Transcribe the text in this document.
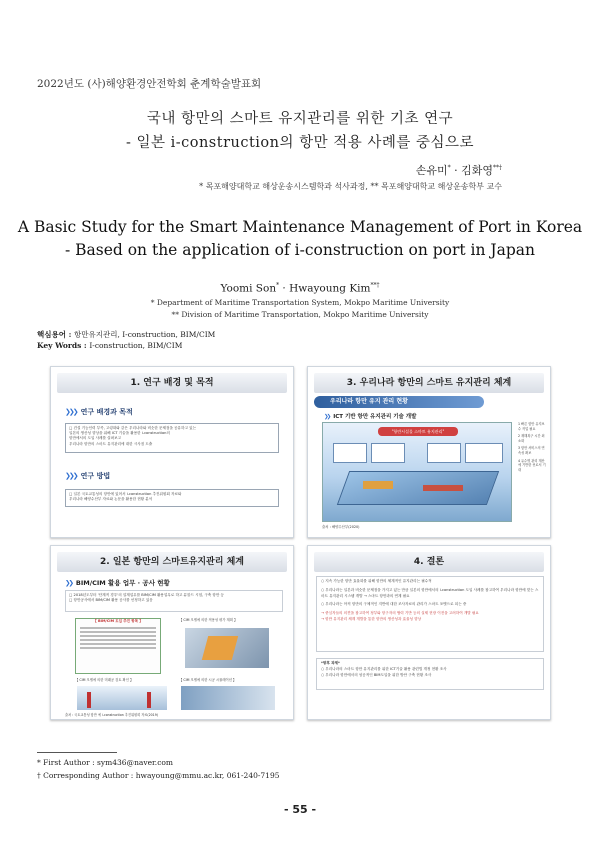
2022년도 (사)해양환경안전학회 춘계학술발표회
국내 항만의 스마트 유지관리를 위한 기초 연구
- 일본 i-construction의 항만 적용 사례를 중심으로
손유미* · 김화영**†
* 목포해양대학교 해상운송시스템학과 석사과정, ** 목포해양대학교 해상운송학부 교수
A Basic Study for the Smart Maintenance Management of Port in Korea
- Based on the application of i-construction on port in Japan
Yoomi Son* · Hwayoung Kim**†
* Department of Maritime Transportation System, Mokpo Maritime University
** Division of Maritime Transportation, Mokpo Maritime University
핵심용어 : 항만유지관리, I-construction, BIM/CIM
Key Words : I-construction, BIM/CIM
1. 연구 배경 및 목적
❯❯❯ 연구 배경과 목적
□ 건설 기능인력 부족, 고령화와 같은 우리나라와 비슷한 문제점을 공유하고 있는
일본의 생산성 향상을 위해 ICT 기술을 활용한 i-construction의
항만에서의 도입 사례를 살펴보고
우리나라 항만의 스마트 유지관리에 대한 시사점 도출
❯❯❯ 연구 방법
□ 일본 국토교통성의 항만에 있어서 i-construction 추진위원회 자료와
우리나라 해양수산부 자료와 논문을 활용한 현황 분석
3. 우리나라 항만의 스마트 유지관리 체계
우리나라 항만 유지 관리 현황
❯❯ ICT 기반 항만 유지관리 기술 개발
"항만시설물 스마트 유지관리"
1 빠른 항만 유지보수 작업 필요
2 재해복구 시간 최소화
3 항만 서비스의 연속성 확보
4 유수명 관리 계산에 기반한 선로서 기대
출처 : 해양수산부(2020)
2. 일본 항만의 스마트유지관리 체계
❯❯ BIM/CIM 활용 업무 · 공사 현황
□ 2018년도부터 '단계적 경우'의 설계업무를 BIM/CIM 활용업무로 하고 튜블드 시험, 구축 항만 등
□ 항만공사에서 BIM/CIM 활용 공사를 선정하고 있음
【 BIM/CIM 도입 추진 항목 】	【 CIM 모델에 의한 적용성 평가 계획 】
【 CIM 모델에 의한 미래공 검토 확인 】	【 CIM 모델에 의한 시공 시뮬레이션 】
출처 : 국토교통성 항만 에 i-construction 추진위원회 자료(2019)
4. 결론
○ 지속 가능한 항만 효율화를 위해 항만의 체계적인 유지관리는 필수적
○ 우리나라는 일본과 비슷한 문제점을 가지고 있는 만큼 일본의 항만에서의 i-construction 도입 사례를 참고하여 우리나라 항만에 맞는 스마트 유지관리 시스템 개발 → 스마트 항만과의 연계 필요
○ 우리나라는 아직 항만의 구체적인 지반에 대한 조사자료의 관리가 스마트 포맷으로 되는 중
→ 중심자들의 의견을 참고하여 정부와 항구자의 협력 기반 등의 실제 현장 이전을 고려하여 개발 필요
→ 항만 유지관리 체계 개발을 통한 항만의 생산성과 효율성 향상
*향후 과제*
○ 우리나라의 스마트 항만 유지관리를 위한 ICT기술 활용 관련법 개정 현황 조사
○ 우리나라 항만에서의 성공적인 BIM도입을 위한 방안 구축 현황 조사
* First Author : sym436@naver.com
† Corresponding Author : hwayoung@mmu.ac.kr, 061-240-7195
- 55 -
